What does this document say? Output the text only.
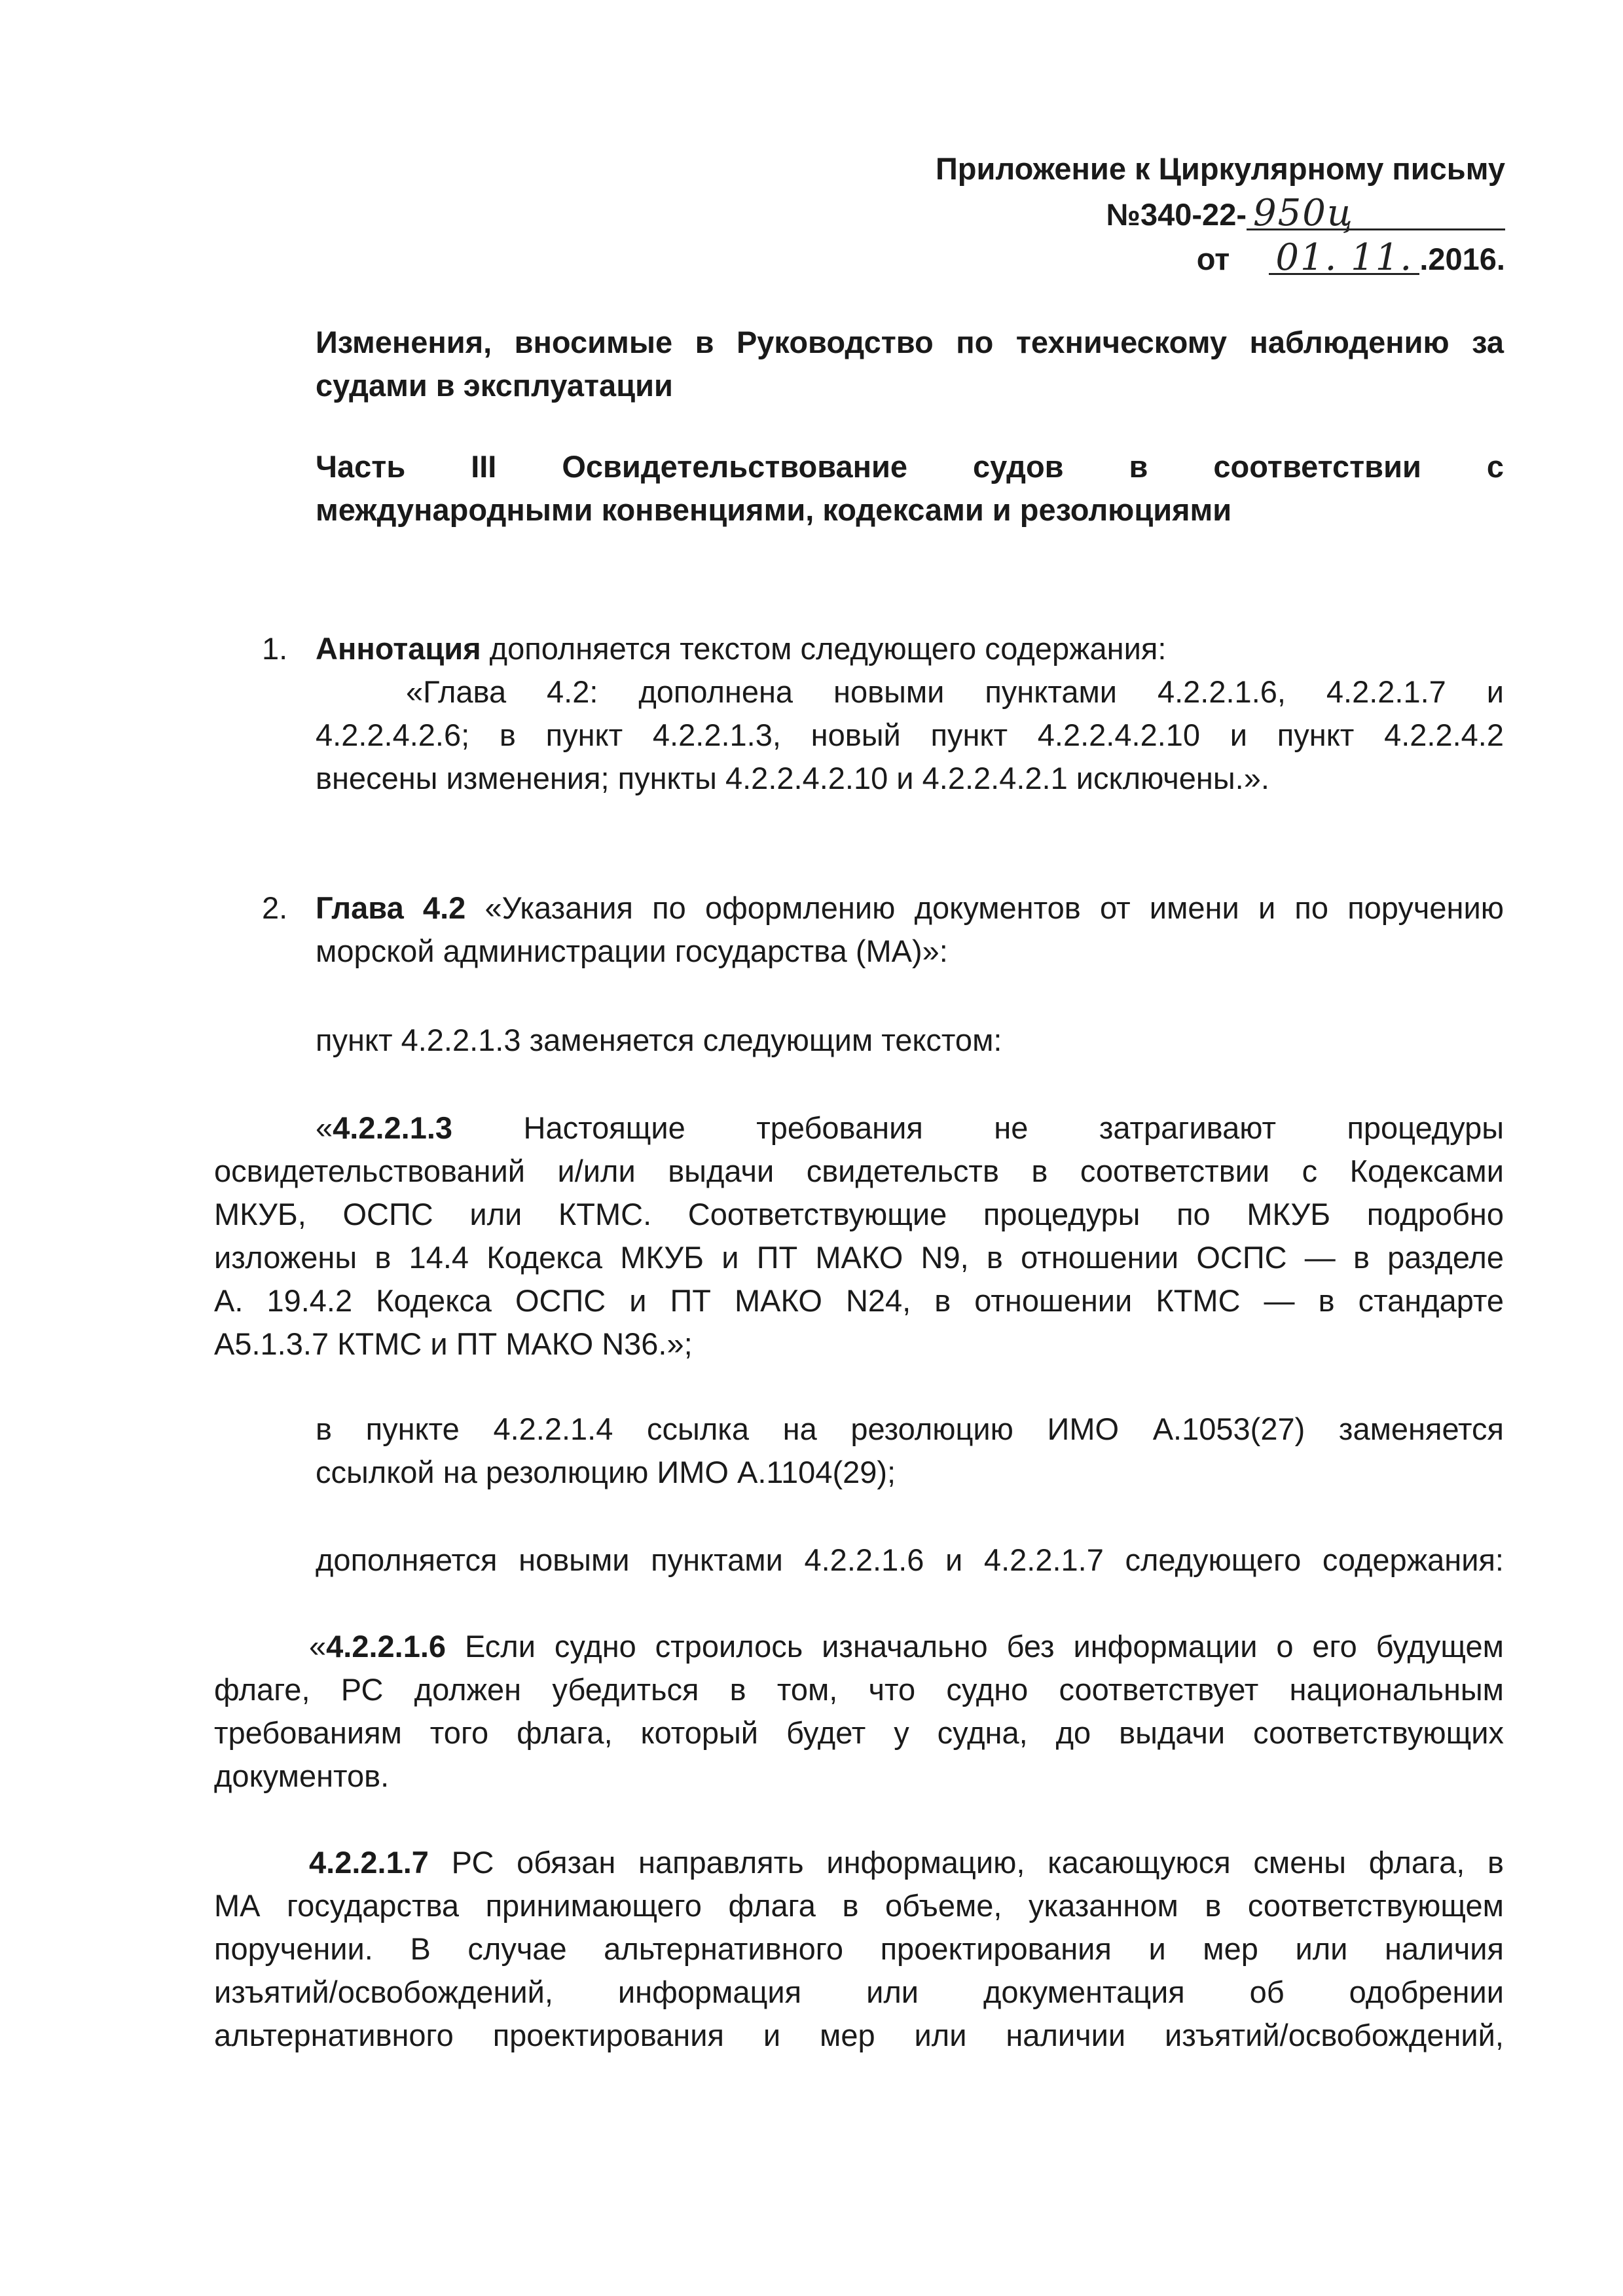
Приложение к Циркулярному письму
№340-22- 950ц
от 01. 11. .2016.
Изменения, вносимые в Руководство по техническому наблюдению за
судами в эксплуатации
Часть III Освидетельствование судов в соответствии с
международными конвенциями, кодексами и резолюциями
1. Аннотация дополняется текстом следующего содержания:
«Глава 4.2: дополнена новыми пунктами 4.2.2.1.6, 4.2.2.1.7 и
4.2.2.4.2.6; в пункт 4.2.2.1.3, новый пункт 4.2.2.4.2.10 и пункт 4.2.2.4.2
внесены изменения; пункты 4.2.2.4.2.10 и 4.2.2.4.2.1 исключены.».
2. Глава 4.2 «Указания по оформлению документов от имени и по поручению
морской администрации государства (МА)»:
пункт 4.2.2.1.3 заменяется следующим текстом:
«4.2.2.1.3 Настоящие требования не затрагивают процедуры
освидетельствований и/или выдачи свидетельств в соответствии с Кодексами
МКУБ, ОСПС или КТМС. Соответствующие процедуры по МКУБ подробно
изложены в 14.4 Кодекса МКУБ и ПТ МАКО N9, в отношении ОСПС — в разделе
А. 19.4.2 Кодекса ОСПС и ПТ МАКО N24, в отношении КТМС — в стандарте
А5.1.3.7 КТМС и ПТ МАКО N36.»;
в пункте 4.2.2.1.4 ссылка на резолюцию ИМО А.1053(27) заменяется
ссылкой на резолюцию ИМО А.1104(29);
дополняется новыми пунктами 4.2.2.1.6 и 4.2.2.1.7 следующего содержания:
«4.2.2.1.6 Если судно строилось изначально без информации о его будущем
флаге, РС должен убедиться в том, что судно соответствует национальным
требованиям того флага, который будет у судна, до выдачи соответствующих
документов.
4.2.2.1.7 РС обязан направлять информацию, касающуюся смены флага, в
МА государства принимающего флага в объеме, указанном в соответствующем
поручении. В случае альтернативного проектирования и мер или наличия
изъятий/освобождений, информация или документация об одобрении
альтернативного проектирования и мер или наличии изъятий/освобождений,
